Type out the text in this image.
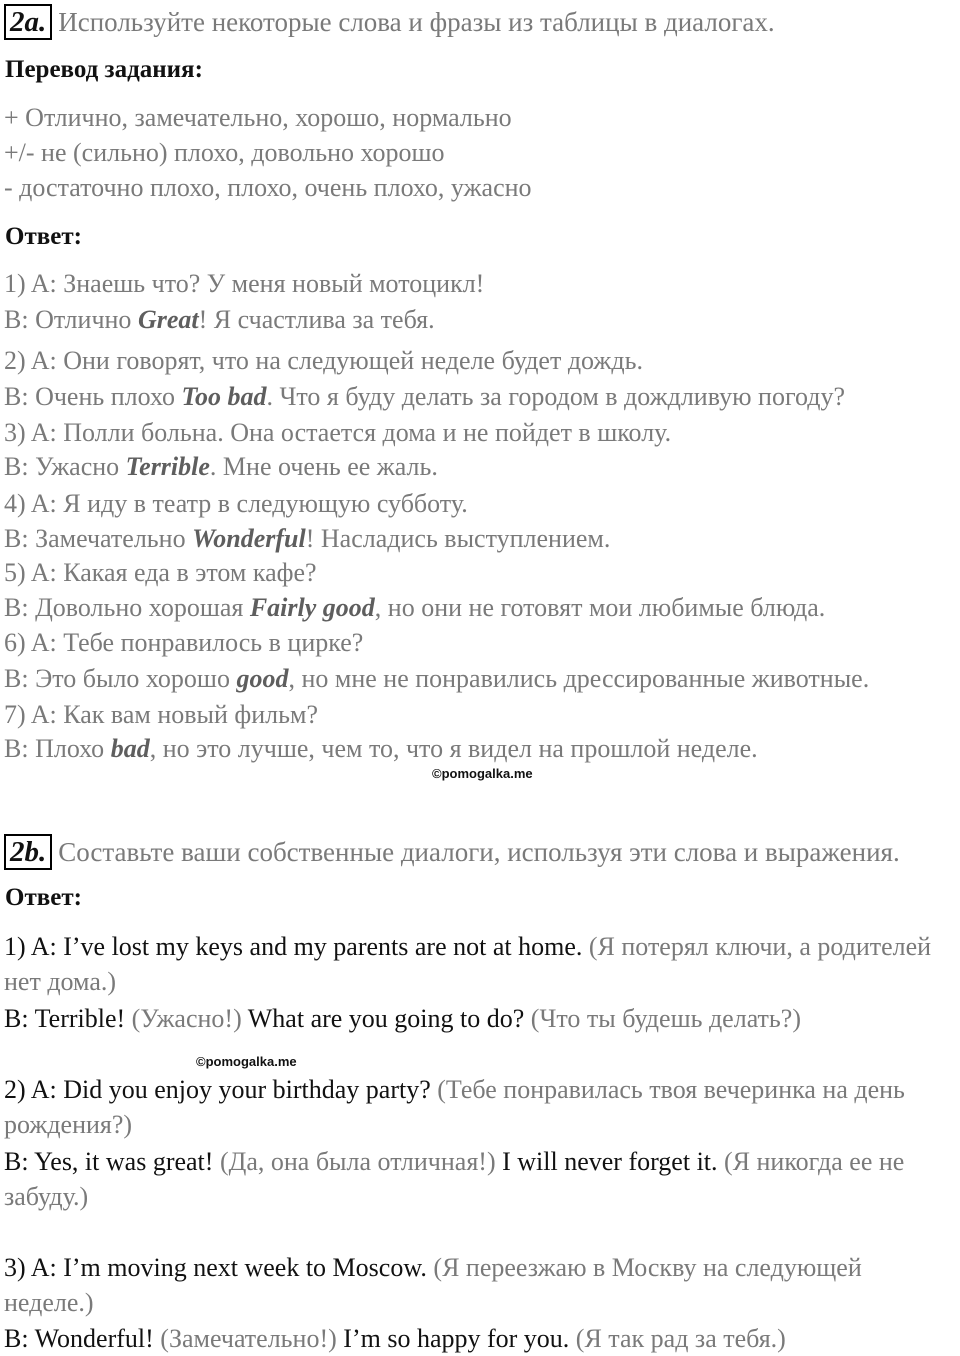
2a. Используйте некоторые слова и фразы из таблицы в диалогах.
Перевод задания:
+ Отлично, замечательно, хорошо, нормально
+/- не (сильно) плохо, довольно хорошо
- достаточно плохо, плохо, очень плохо, ужасно
Ответ:
1) A: Знаешь что? У меня новый мотоцикл!
B: Отлично Great! Я счастлива за тебя.
2) A: Они говорят, что на следующей неделе будет дождь.
B: Очень плохо Too bad. Что я буду делать за городом в дождливую погоду?
3) A: Полли больна. Она остается дома и не пойдет в школу.
B: Ужасно Terrible. Мне очень ее жаль.
4) A: Я иду в театр в следующую субботу.
B: Замечательно Wonderful! Насладись выступлением.
5) A: Какая еда в этом кафе?
B: Довольно хорошая Fairly good, но они не готовят мои любимые блюда.
6) A: Тебе понравилось в цирке?
B: Это было хорошо good, но мне не понравились дрессированные животные.
7) A: Как вам новый фильм?
B: Плохо bad, но это лучше, чем то, что я видел на прошлой неделе.
©pomogalka.me
2b. Составьте ваши собственные диалоги, используя эти слова и выражения.
Ответ:
1) A: I’ve lost my keys and my parents are not at home. (Я потерял ключи, а родителей нет дома.)
B: Terrible! (Ужасно!) What are you going to do? (Что ты будешь делать?)
©pomogalka.me
2) A: Did you enjoy your birthday party? (Тебе понравилась твоя вечеринка на день рождения?)
B: Yes, it was great! (Да, она была отличная!) I will never forget it. (Я никогда ее не забуду.)
3) A: I’m moving next week to Moscow. (Я переезжаю в Москву на следующей неделе.)
B: Wonderful! (Замечательно!) I’m so happy for you. (Я так рад за тебя.)
